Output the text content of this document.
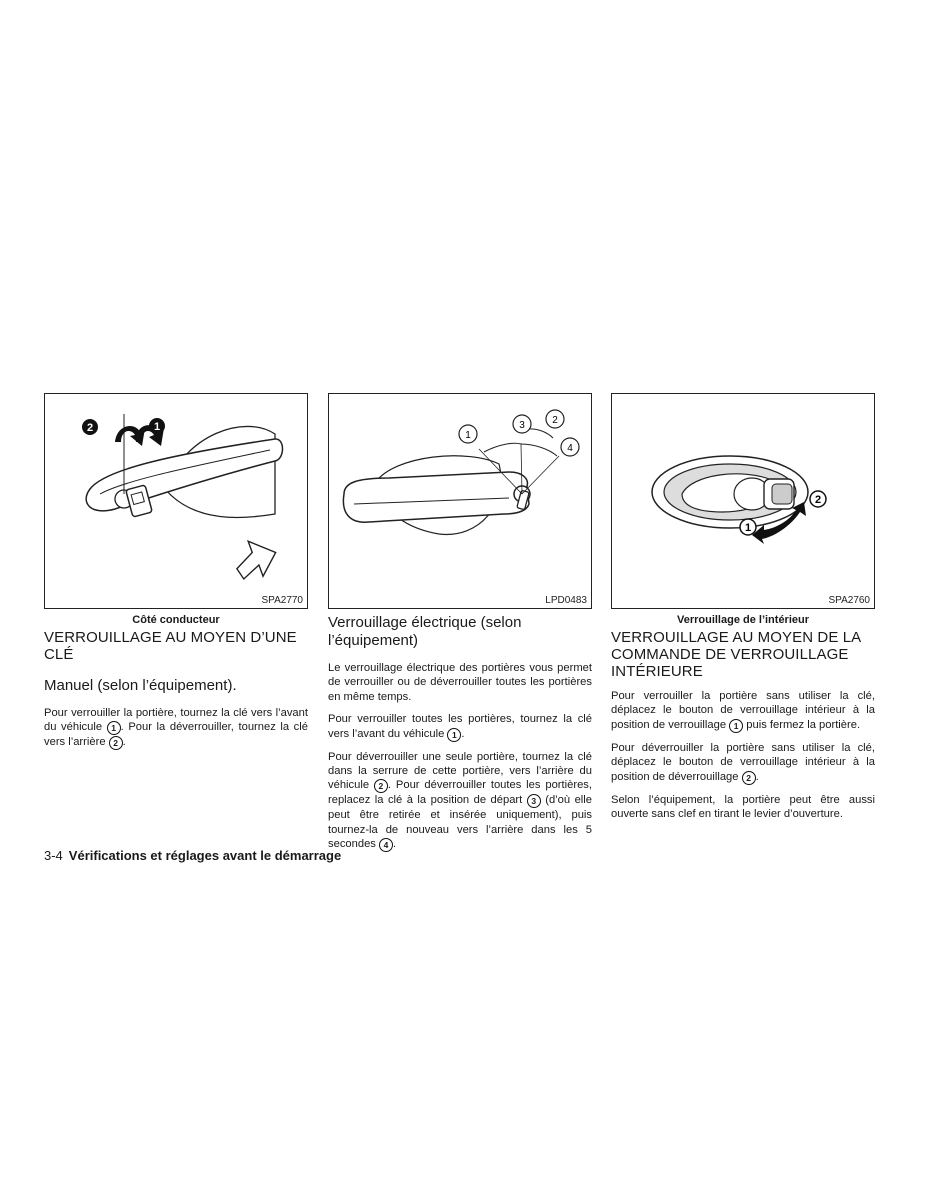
2	1
SPA2770
Côté conducteur
VERROUILLAGE AU MOYEN D’UNE CLÉ
Manuel (selon l’équipement).

Pour verrouiller la portière, tournez la clé vers l’avant du véhicule 1 . Pour la déverrouiller, tournez la clé vers l’arrière 2 .

1
3	2
4
LPD0483
Verrouillage électrique (selon l’équipement)

Le verrouillage électrique des portières vous permet de verrouiller ou de déverrouiller toutes les portières en même temps.

Pour verrouiller toutes les portières, tournez la clé vers l’avant du véhicule 1 .

Pour déverrouiller une seule portière, tournez la clé dans la serrure de cette portière, vers l’arrière du véhicule 2 . Pour déverrouiller toutes les portières, replacez la clé à la position de départ 3 (d’où elle peut être retirée et insérée uniquement), puis tournez-la de nouveau vers l’arrière dans les 5 secondes 4 .

2
1
SPA2760
Verrouillage de l’intérieur
VERROUILLAGE AU MOYEN DE LA COMMANDE DE VERROUILLAGE INTÉRIEURE

Pour verrouiller la portière sans utiliser la clé, déplacez le bouton de verrouillage intérieur à la position de verrouillage 1 puis fermez la portière.

Pour déverrouiller la portière sans utiliser la clé, déplacez le bouton de verrouillage intérieur à la position de déverrouillage 2 .

Selon l’équipement, la portière peut être aussi ouverte sans clef en tirant le levier d’ouverture.

3-4 Vérifications et réglages avant le démarrage
